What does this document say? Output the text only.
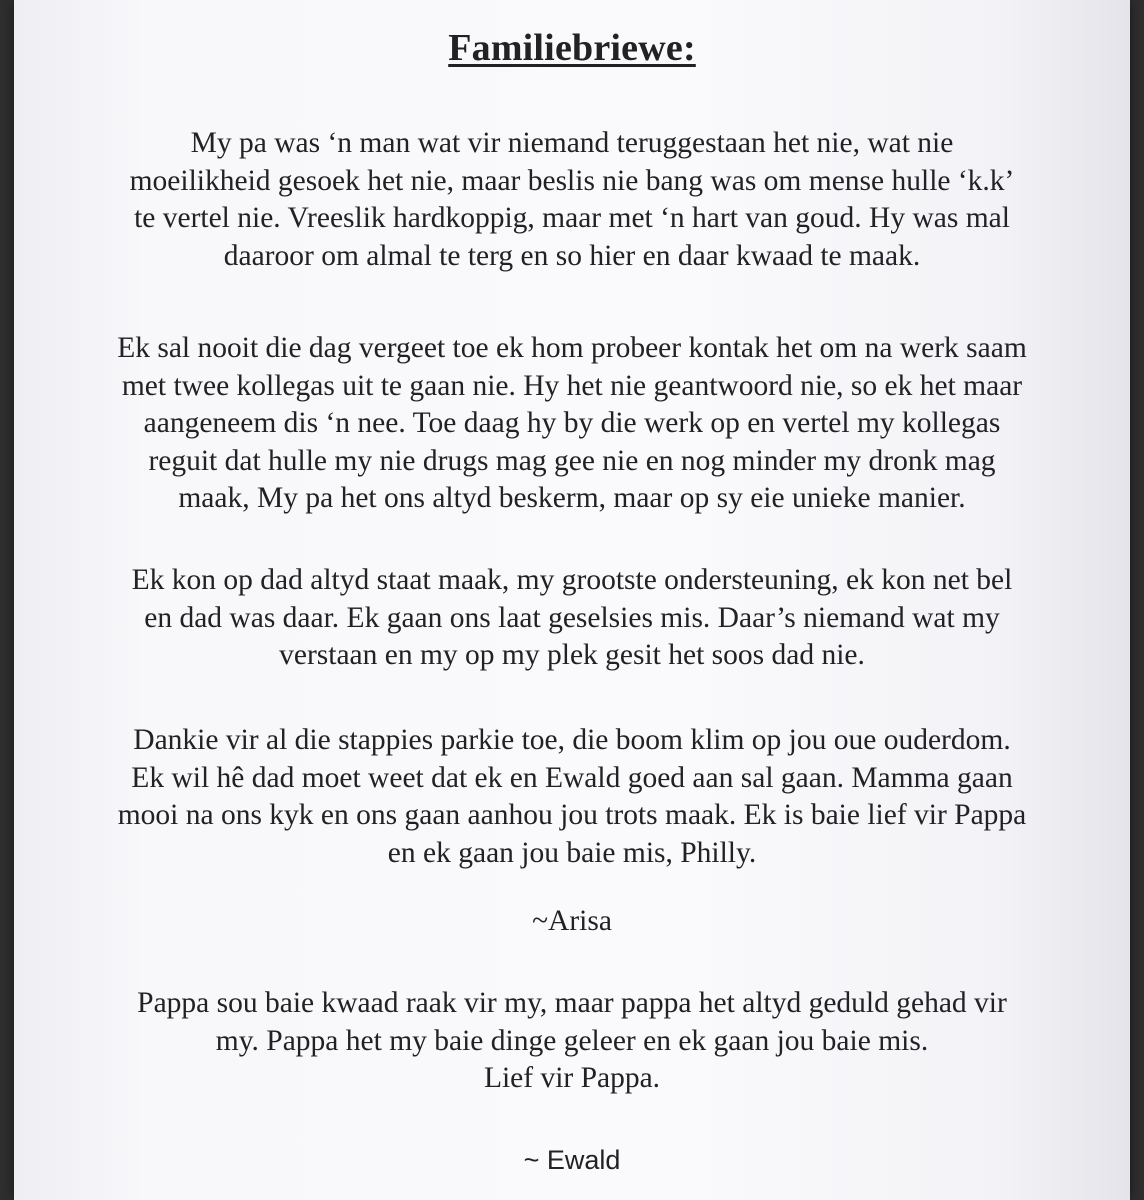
Familiebriewe:
My pa was ‘n man wat vir niemand teruggestaan het nie, wat nie
moeilikheid gesoek het nie, maar beslis nie bang was om mense hulle ‘k.k’
te vertel nie. Vreeslik hardkoppig, maar met ‘n hart van goud. Hy was mal
daaroor om almal te terg en so hier en daar kwaad te maak.
Ek sal nooit die dag vergeet toe ek hom probeer kontak het om na werk saam
met twee kollegas uit te gaan nie. Hy het nie geantwoord nie, so ek het maar
aangeneem dis ‘n nee. Toe daag hy by die werk op en vertel my kollegas
reguit dat hulle my nie drugs mag gee nie en nog minder my dronk mag
maak, My pa het ons altyd beskerm, maar op sy eie unieke manier.
Ek kon op dad altyd staat maak, my grootste ondersteuning, ek kon net bel
en dad was daar. Ek gaan ons laat geselsies mis. Daar’s niemand wat my
verstaan en my op my plek gesit het soos dad nie.
Dankie vir al die stappies parkie toe, die boom klim op jou oue ouderdom.
Ek wil hê dad moet weet dat ek en Ewald goed aan sal gaan. Mamma gaan
mooi na ons kyk en ons gaan aanhou jou trots maak. Ek is baie lief vir Pappa
en ek gaan jou baie mis, Philly.
~Arisa
Pappa sou baie kwaad raak vir my, maar pappa het altyd geduld gehad vir
my. Pappa het my baie dinge geleer en ek gaan jou baie mis.
Lief vir Pappa.
~ Ewald
